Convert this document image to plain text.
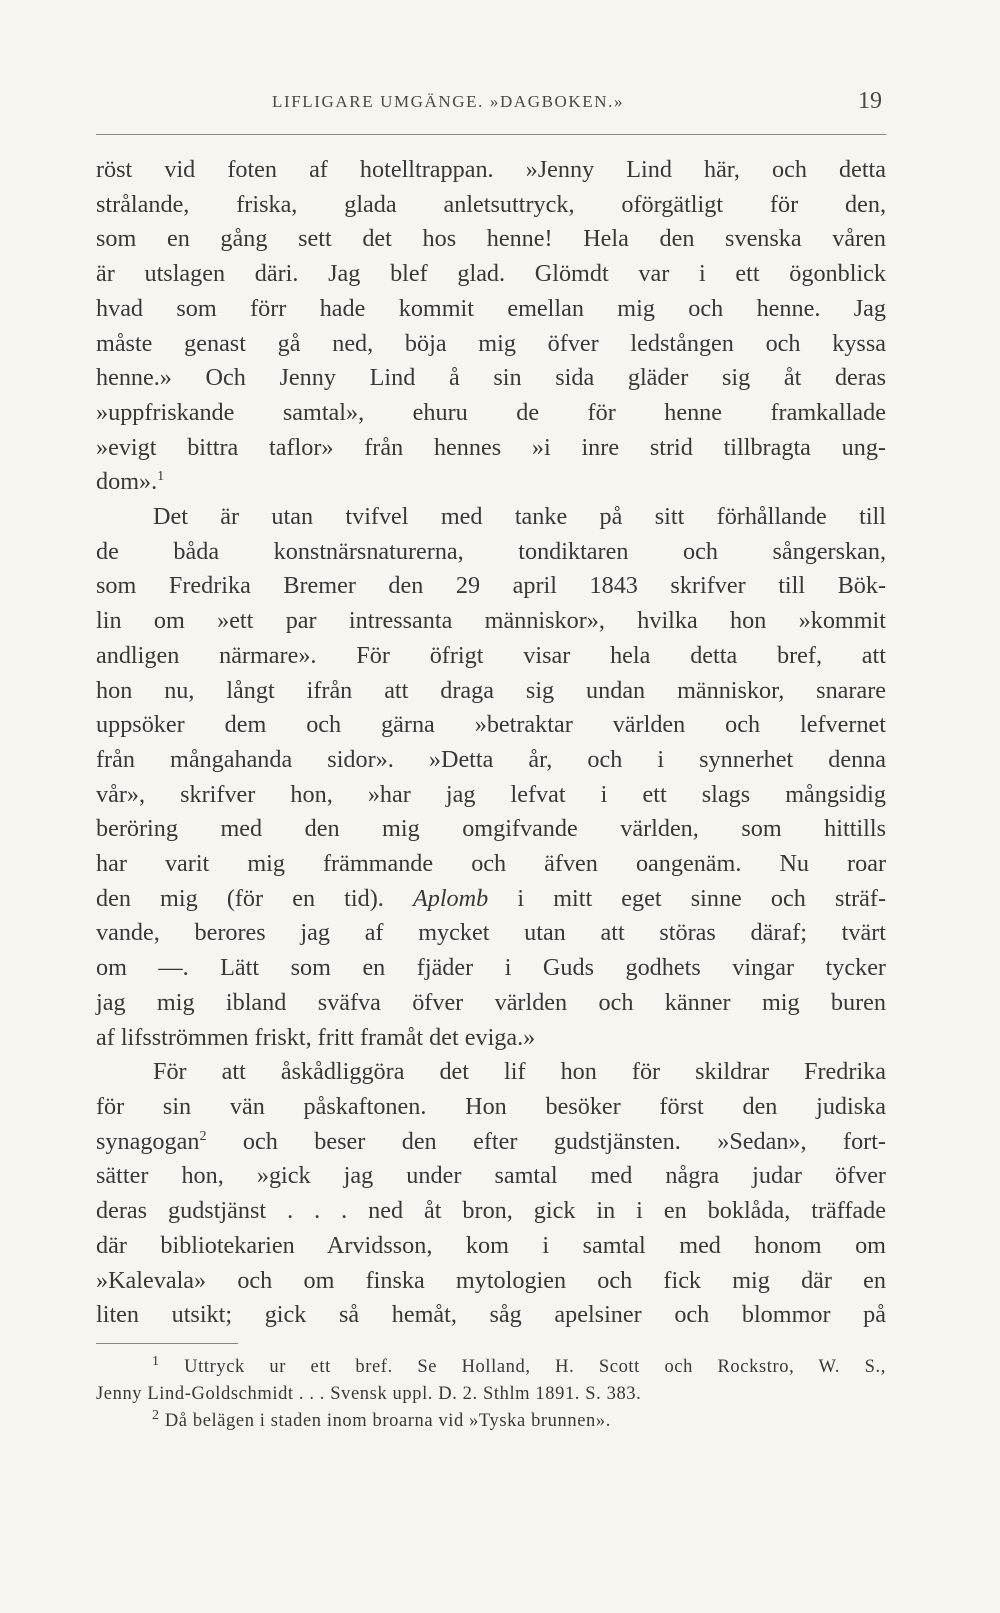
LIFLIGARE UMGÄNGE. »DAGBOKEN.»	19

röst vid foten af hotelltrappan. »Jenny Lind här, och detta
strålande, friska, glada anletsuttryck, oförgätligt för den,
som en gång sett det hos henne! Hela den svenska våren
är utslagen däri. Jag blef glad. Glömdt var i ett ögonblick
hvad som förr hade kommit emellan mig och henne. Jag
måste genast gå ned, böja mig öfver ledstången och kyssa
henne.» Och Jenny Lind å sin sida gläder sig åt deras
»uppfriskande samtal», ehuru de för henne framkallade
»evigt bittra taflor» från hennes »i inre strid tillbragta ung-
dom».$^1$

Det är utan tvifvel med tanke på sitt förhållande till
de båda konstnärsnaturerna, tondiktaren och sångerskan,
som Fredrika Bremer den 29 april 1843 skrifver till Bök-
lin om »ett par intressanta människor», hvilka hon »kommit
andligen närmare». För öfrigt visar hela detta bref, att
hon nu, långt ifrån att draga sig undan människor, snarare
uppsöker dem och gärna »betraktar världen och lefvernet
från mångahanda sidor». »Detta år, och i synnerhet denna
vår», skrifver hon, »har jag lefvat i ett slags mångsidig
beröring med den mig omgifvande världen, som hittills
har varit mig främmande och äfven oangenäm. Nu roar
den mig (för en tid). Aplomb i mitt eget sinne och sträf-
vande, berores jag af mycket utan att störas däraf; tvärt
om —. Lätt som en fjäder i Guds godhets vingar tycker
jag mig ibland sväfva öfver världen och känner mig buren
af lifsströmmen friskt, fritt framåt det eviga.»

För att åskådliggöra det lif hon för skildrar Fredrika
för sin vän påskaftonen. Hon besöker först den judiska
synagogan$^2$ och beser den efter gudstjänsten. »Sedan», fort-
sätter hon, »gick jag under samtal med några judar öfver
deras gudstjänst . . . ned åt bron, gick in i en boklåda, träffade
där bibliotekarien Arvidsson, kom i samtal med honom om
»Kalevala» och om finska mytologien och fick mig där en
liten utsikt; gick så hemåt, såg apelsiner och blommor på

$^1$ Uttryck ur ett bref. Se Holland, H. Scott och Rockstro, W. S.,
Jenny Lind-Goldschmidt . . . Svensk uppl. D. 2. Sthlm 1891. S. 383.
$^2$ Då belägen i staden inom broarna vid »Tyska brunnen».
